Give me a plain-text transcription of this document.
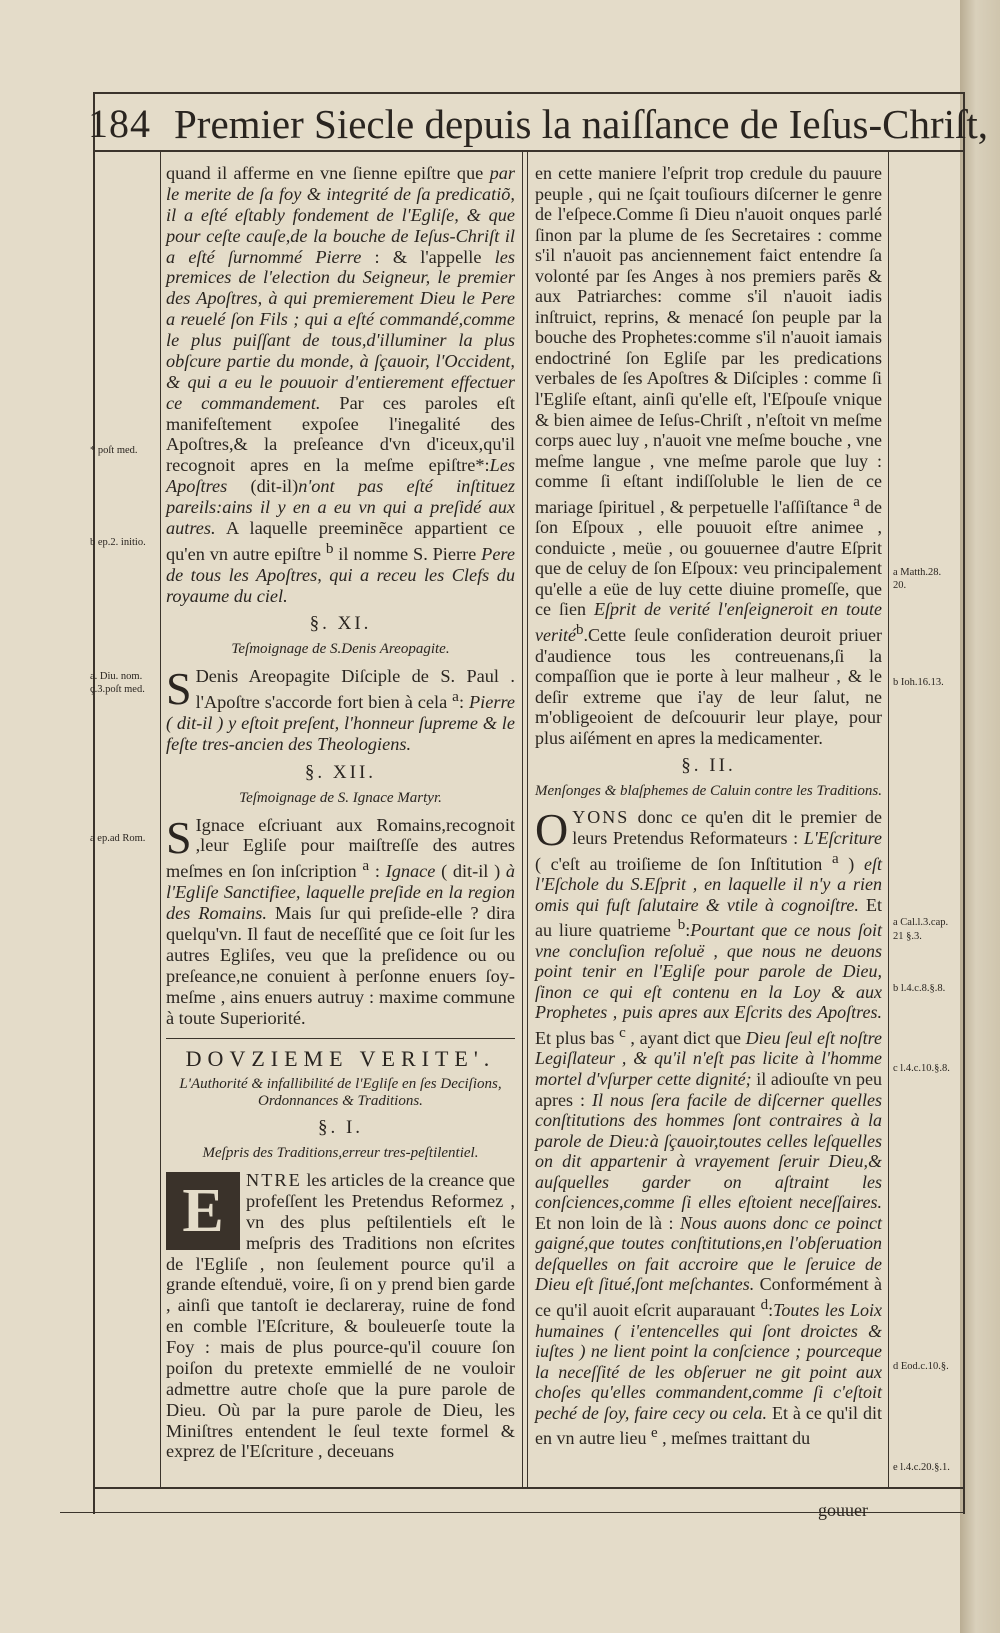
184 Premier Siecle depuis la naiſſance de Ieſus-Chriſt,
* poſt med.
b ep.2. initio.
a. Diu. nom.
ç.3.poſt med.
a ep.ad Rom.
a Matth.28.
20.
b Ioh.16.13.
a Cal.l.3.cap.
21 §.3.
b l.4.c.8.§.8.
c l.4.c.10.§.8.
d Eod.c.10.§.
e l.4.c.20.§.1.

quand il afferme en vne ſienne epiſtre que par le merite de ſa foy & integrité de ſa predicatiõ, il a eſté eſtably fondement de l'Egliſe, & que pour ceſte cauſe,de la bouche de Ieſus-Chriſt il a eſté ſurnommé Pierre : & l'appelle les premices de l'election du Seigneur, le premier des Apoſtres, à qui premierement Dieu le Pere a reuelé ſon Fils ; qui a eſté commandé,comme le plus puiſſant de tous,d'illuminer la plus obſcure partie du monde, à ſçauoir, l'Occident, & qui a eu le pouuoir d'entierement effectuer ce commandement. Par ces paroles eſt manifeſtement expoſee l'inegalité des Apoſtres,& la preſeance d'vn d'iceux,qu'il recognoit apres en la meſme epiſtre*:Les Apoſtres (dit-il)n'ont pas eſté inſtituez pareils:ains il y en a eu vn qui a preſidé aux autres. A laquelle preeminẽce appartient ce qu'en vn autre epiſtre $^b$ il nomme S. Pierre Pere de tous les Apoſtres, qui a receu les Clefs du royaume du ciel.

§. XI.
Teſmoignage de S.Denis Areopagite.

S Denis Areopagite Diſciple de S. Paul . l'Apoſtre s'accorde fort bien à cela $^a$: Pierre ( dit-il ) y eſtoit preſent, l'honneur ſupreme & le feſte tres-ancien des Theologiens.

§. XII.
Teſmoignage de S. Ignace Martyr.

S Ignace eſcriuant aux Romains,recognoit ,leur Egliſe pour maiſtreſſe des autres meſmes en ſon inſcription $^a$ : Ignace ( dit-il ) à l'Egliſe Sanctifiee, laquelle preſide en la region des Romains. Mais ſur qui preſide-elle ? dira quelqu'vn. Il faut de neceſſité que ce ſoit ſur les autres Egliſes, veu que la preſidence ou ou preſeance,ne conuient à perſonne enuers ſoy-meſme , ains enuers autruy : maxime commune à toute Superiorité.

DOVZIEME VERITE'.
L'Authorité & infallibilité de l'Egliſe en ſes Deciſions, Ordonnances & Traditions.
§. I.
Meſpris des Traditions,erreur tres-peſtilentiel.

E	NTRE les articles de la creance que profeſſent les Pretendus Reformez , vn des plus peſtilentiels eſt le meſpris des Traditions non eſcrites de l'Egliſe , non ſeulement pource qu'il a grande eſtenduë, voire, ſi on y prend bien garde , ainſi que tantoſt ie declareray, ruine de fond en comble l'Eſcriture, & bouleuerſe toute la Foy : mais de plus pource-qu'il couure ſon poiſon du pretexte emmiellé de ne vouloir admettre autre choſe que la pure parole de Dieu. Où par la pure parole de Dieu, les Miniſtres entendent le ſeul texte formel & exprez de l'Eſcriture , deceuans

en cette maniere l'eſprit trop credule du pauure peuple , qui ne ſçait touſiours diſcerner le genre de l'eſpece.Comme ſi Dieu n'auoit onques parlé ſinon par la plume de ſes Secretaires : comme s'il n'auoit pas anciennement faict entendre ſa volonté par ſes Anges à nos premiers parẽs & aux Patriarches: comme s'il n'auoit iadis inſtruict, reprins, & menacé ſon peuple par la bouche des Prophetes:comme s'il n'auoit iamais endoctriné ſon Egliſe par les predications verbales de ſes Apoſtres & Diſciples : comme ſi l'Egliſe eſtant, ainſi qu'elle eſt, l'Eſpouſe vnique & bien aimee de Ieſus-Chriſt , n'eſtoit vn meſme corps auec luy , n'auoit vne meſme bouche , vne meſme langue , vne meſme parole que luy : comme ſi eſtant indiſſoluble le lien de ce mariage ſpirituel , & perpetuelle l'aſſiſtance $^a$ de ſon Eſpoux , elle pouuoit eſtre animee , conduicte , meüe , ou gouuernee d'autre Eſprit que de celuy de ſon Eſpoux: veu principalement qu'elle a eüe de luy cette diuine promeſſe, que ce ſien Eſprit de verité l'enſeigneroit en toute verité$^b$.Cette ſeule conſideration deuroit priuer d'audience tous les contreuenans,ſi la compaſſion que ie porte à leur malheur , & le deſir extreme que i'ay de leur ſalut, ne m'obligeoient de deſcouurir leur playe, pour plus aiſément en apres la medicamenter.

§. II.
Menſonges & blaſphemes de Caluin contre les Traditions.

OYONS donc ce qu'en dit le premier de leurs Pretendus Reformateurs : L'Eſcriture ( c'eſt au troiſieme de ſon Inſtitution $^a$ ) eſt l'Eſchole du S.Eſprit , en laquelle il n'y a rien omis qui fuſt ſalutaire & vtile à cognoiſtre. Et au liure quatrieme $^b$:Pourtant que ce nous ſoit vne concluſion reſoluë , que nous ne deuons point tenir en l'Egliſe pour parole de Dieu, ſinon ce qui eſt contenu en la Loy & aux Prophetes , puis apres aux Eſcrits des Apoſtres. Et plus bas $^c$ , ayant dict que Dieu ſeul eſt noſtre Legiſlateur , & qu'il n'eſt pas licite à l'homme mortel d'vſurper cette dignité; il adiouſte vn peu apres : Il nous ſera facile de diſcerner quelles conſtitutions des hommes ſont contraires à la parole de Dieu:à ſçauoir,toutes celles leſquelles on dit appartenir à vrayement ſeruir Dieu,& auſquelles garder on aſtraint les conſciences,comme ſi elles eſtoient neceſſaires. Et non loin de là : Nous auons donc ce poinct gaigné,que toutes conſtitutions,en l'obſeruation deſquelles on fait accroire que le ſeruice de Dieu eſt ſitué,ſont meſchantes. Conformément à ce qu'il auoit eſcrit auparauant $^d$:Toutes les Loix humaines ( i'entencelles qui ſont droictes & iuſtes ) ne lient point la conſcience ; pourceque la neceſſité de les obſeruer ne git point aux choſes qu'elles commandent,comme ſi c'eſtoit peché de ſoy, faire cecy ou cela. Et à ce qu'il dit en vn autre lieu $^e$ , meſmes traittant du

gouuer
